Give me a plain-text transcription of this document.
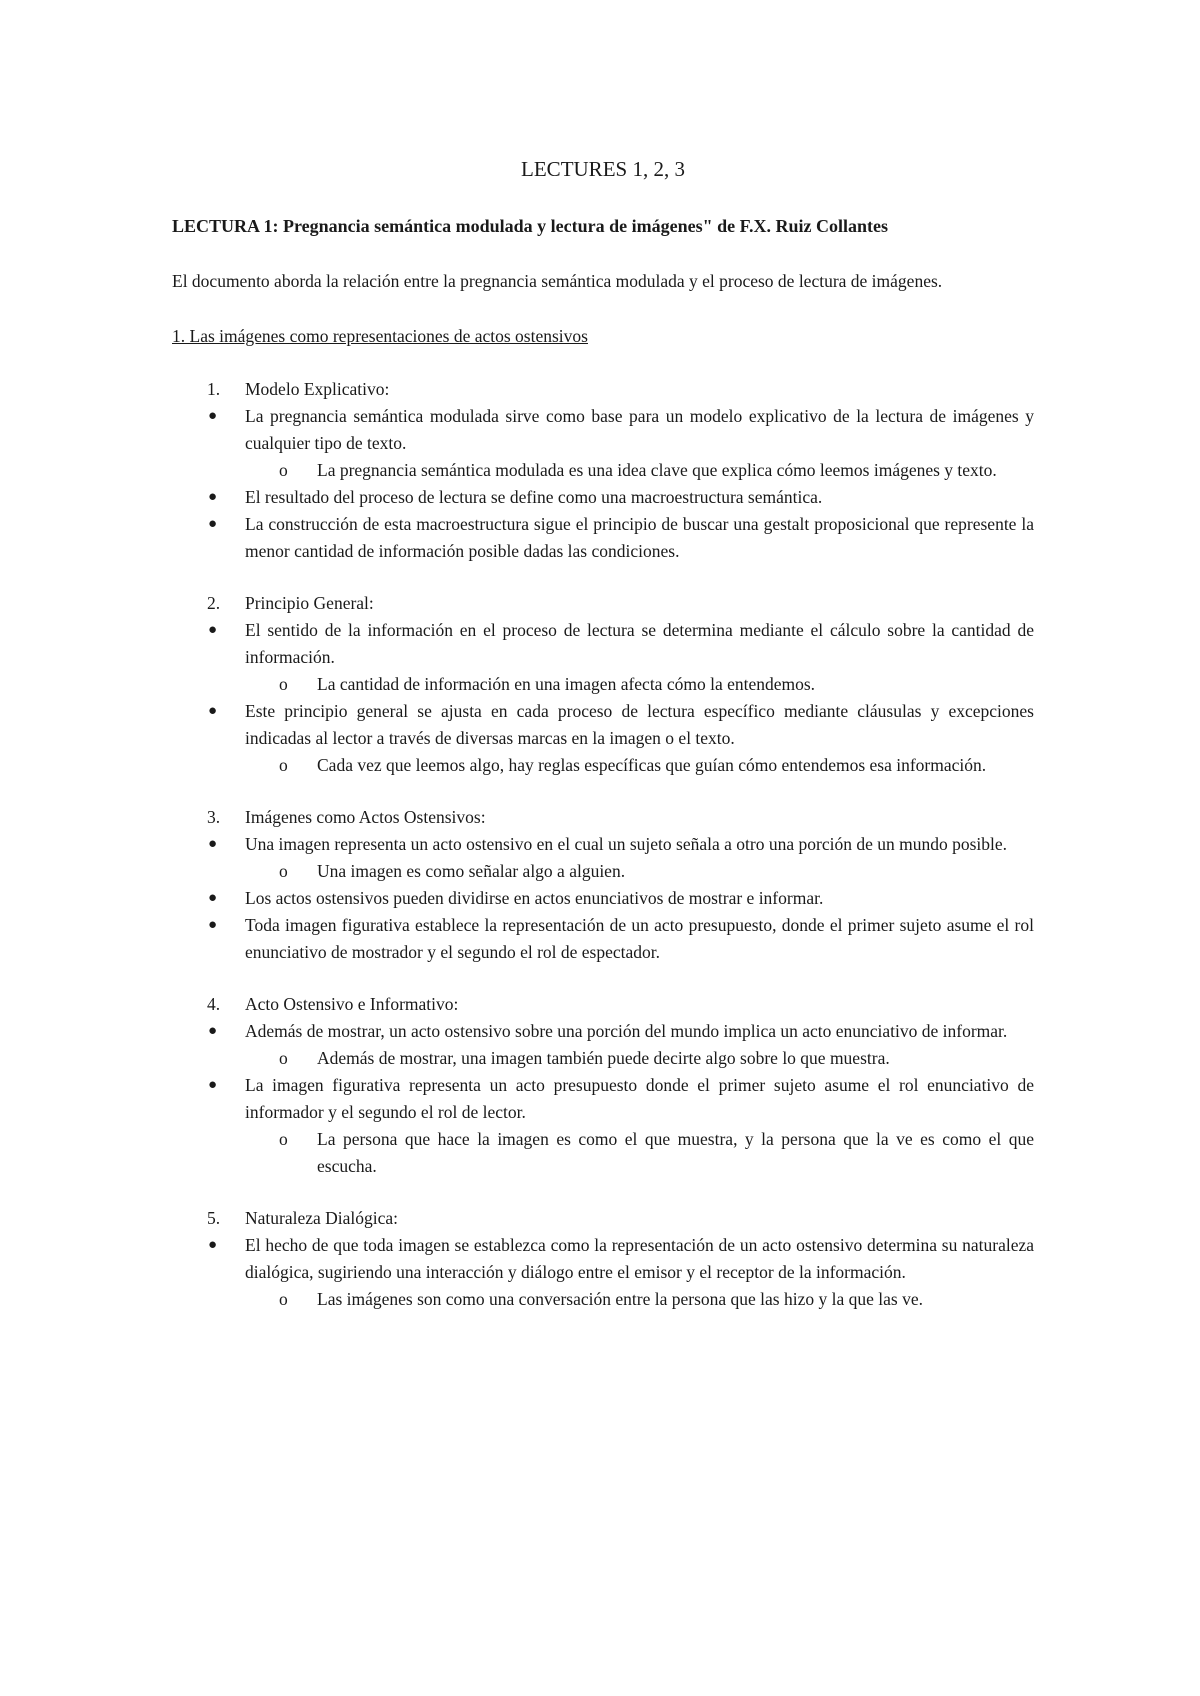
LECTURES 1, 2, 3
LECTURA 1: Pregnancia semántica modulada y lectura de imágenes" de F.X. Ruiz Collantes
El documento aborda la relación entre la pregnancia semántica modulada y el proceso de lectura de imágenes.
1. Las imágenes como representaciones de actos ostensivos
1. Modelo Explicativo:
● La pregnancia semántica modulada sirve como base para un modelo explicativo de la lectura de imágenes y cualquier tipo de texto.
o La pregnancia semántica modulada es una idea clave que explica cómo leemos imágenes y texto.
● El resultado del proceso de lectura se define como una macroestructura semántica.
● La construcción de esta macroestructura sigue el principio de buscar una gestalt proposicional que represente la menor cantidad de información posible dadas las condiciones.
2. Principio General:
● El sentido de la información en el proceso de lectura se determina mediante el cálculo sobre la cantidad de información.
o La cantidad de información en una imagen afecta cómo la entendemos.
● Este principio general se ajusta en cada proceso de lectura específico mediante cláusulas y excepciones indicadas al lector a través de diversas marcas en la imagen o el texto.
o Cada vez que leemos algo, hay reglas específicas que guían cómo entendemos esa información.
3. Imágenes como Actos Ostensivos:
● Una imagen representa un acto ostensivo en el cual un sujeto señala a otro una porción de un mundo posible.
o Una imagen es como señalar algo a alguien.
● Los actos ostensivos pueden dividirse en actos enunciativos de mostrar e informar.
● Toda imagen figurativa establece la representación de un acto presupuesto, donde el primer sujeto asume el rol enunciativo de mostrador y el segundo el rol de espectador.
4. Acto Ostensivo e Informativo:
● Además de mostrar, un acto ostensivo sobre una porción del mundo implica un acto enunciativo de informar.
o Además de mostrar, una imagen también puede decirte algo sobre lo que muestra.
● La imagen figurativa representa un acto presupuesto donde el primer sujeto asume el rol enunciativo de informador y el segundo el rol de lector.
o La persona que hace la imagen es como el que muestra, y la persona que la ve es como el que escucha.
5. Naturaleza Dialógica:
● El hecho de que toda imagen se establezca como la representación de un acto ostensivo determina su naturaleza dialógica, sugiriendo una interacción y diálogo entre el emisor y el receptor de la información.
o Las imágenes son como una conversación entre la persona que las hizo y la que las ve.
